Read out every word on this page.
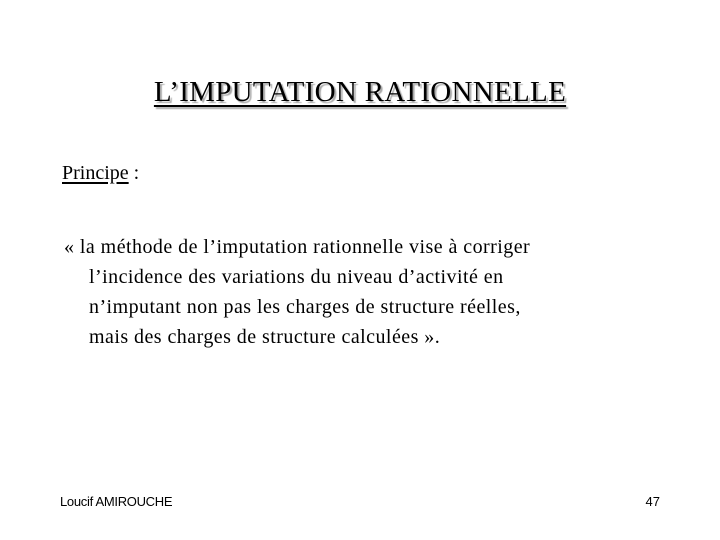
L’IMPUTATION RATIONNELLE
Principe :
« la méthode de l’imputation rationnelle vise à corriger
l’incidence des variations du niveau d’activité en
n’imputant non pas les charges de structure réelles,
mais des charges de structure calculées ».
Loucif AMIROUCHE	47
